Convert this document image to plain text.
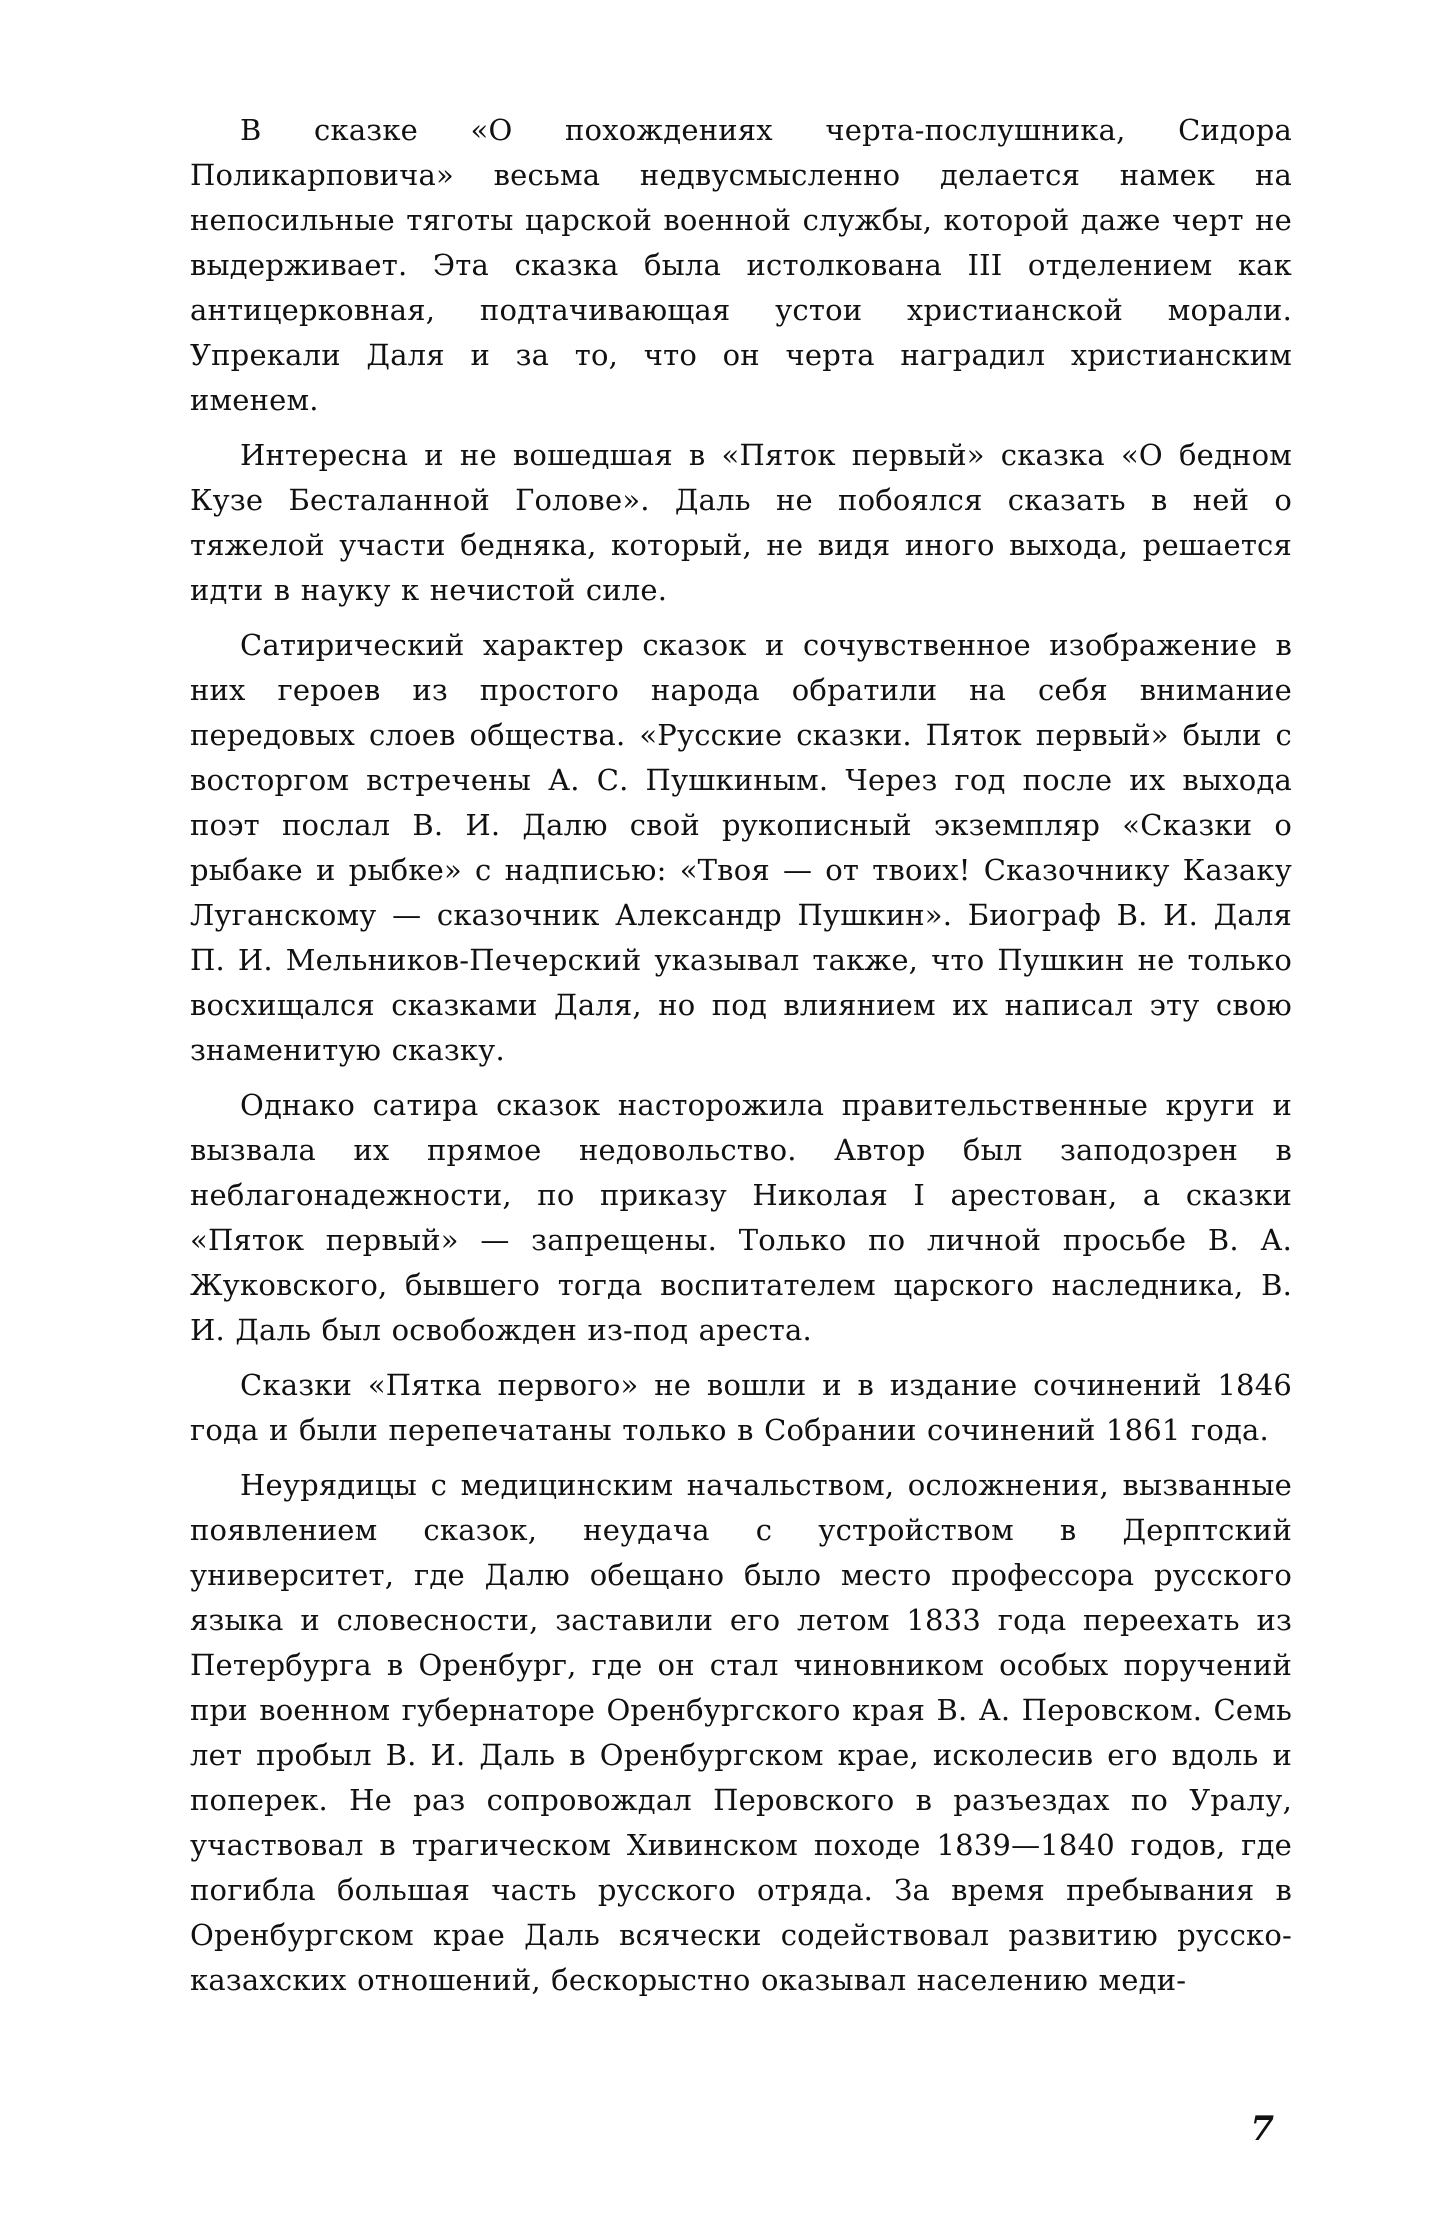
В сказке «О похождениях черта-послушника, Сидора Поликарповича» весьма недвусмысленно делается намек на непосильные тяготы царской военной службы, которой даже черт не выдерживает. Эта сказка была истолкована III отделением как антицерковная, подтачивающая устои христианской морали. Упрекали Даля и за то, что он черта наградил христианским именем.

Интересна и не вошедшая в «Пяток первый» сказка «О бедном Кузе Бесталанной Голове». Даль не побоялся сказать в ней о тяжелой участи бедняка, который, не видя иного выхода, решается идти в науку к нечистой силе.

Сатирический характер сказок и сочувственное изображение в них героев из простого народа обратили на себя внимание передовых слоев общества. «Русские сказки. Пяток первый» были с восторгом встречены А. С. Пушкиным. Через год после их выхода поэт послал В. И. Далю свой рукописный экземпляр «Сказки о рыбаке и рыбке» с надписью: «Твоя — от твоих! Сказочнику Казаку Луганскому — сказочник Александр Пушкин». Биограф В. И. Даля П. И. Мельников-Печерский указывал также, что Пушкин не только восхищался сказками Даля, но под влиянием их написал эту свою знаменитую сказку.

Однако сатира сказок насторожила правительственные круги и вызвала их прямое недовольство. Автор был заподозрен в неблагонадежности, по приказу Николая I арестован, а сказки «Пяток первый» — запрещены. Только по личной просьбе В. А. Жуковского, бывшего тогда воспитателем царского наследника, В. И. Даль был освобожден из-под ареста.

Сказки «Пятка первого» не вошли и в издание сочинений 1846 года и были перепечатаны только в Собрании сочинений 1861 года.

Неурядицы с медицинским начальством, осложнения, вызванные появлением сказок, неудача с устройством в Дерптский университет, где Далю обещано было место профессора русского языка и словесности, заставили его летом 1833 года переехать из Петербурга в Оренбург, где он стал чиновником особых поручений при военном губернаторе Оренбургского края В. А. Перовском. Семь лет пробыл В. И. Даль в Оренбургском крае, исколесив его вдоль и поперек. Не раз сопровождал Перовского в разъездах по Уралу, участвовал в трагическом Хивинском походе 1839—1840 годов, где погибла большая часть русского отряда. За время пребывания в Оренбургском крае Даль всячески содействовал развитию русско-казахских отношений, бескорыстно оказывал населению меди-

7
